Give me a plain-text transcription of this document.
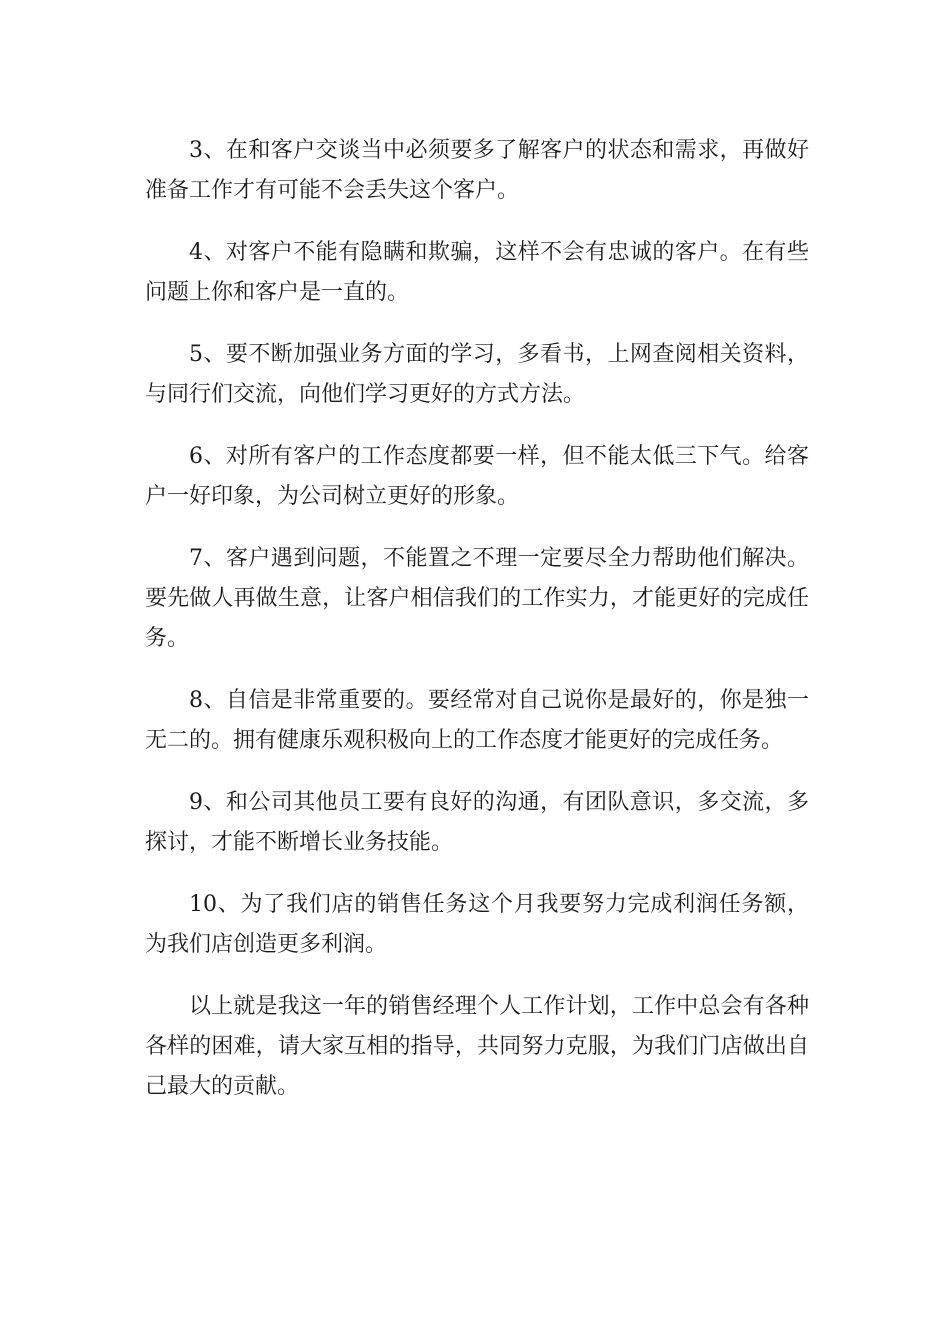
3、在和客户交谈当中必须要多了解客户的状态和需求，再做好准备工作才有可能不会丢失这个客户。

4、对客户不能有隐瞒和欺骗，这样不会有忠诚的客户。在有些问题上你和客户是一直的。

5、要不断加强业务方面的学习，多看书，上网查阅相关资料，与同行们交流，向他们学习更好的方式方法。

6、对所有客户的工作态度都要一样，但不能太低三下气。给客户一好印象，为公司树立更好的形象。

7、客户遇到问题，不能置之不理一定要尽全力帮助他们解决。要先做人再做生意，让客户相信我们的工作实力，才能更好的完成任务。

8、自信是非常重要的。要经常对自己说你是最好的，你是独一无二的。拥有健康乐观积极向上的工作态度才能更好的完成任务。

9、和公司其他员工要有良好的沟通，有团队意识，多交流，多探讨，才能不断增长业务技能。

10、为了我们店的销售任务这个月我要努力完成利润任务额，为我们店创造更多利润。

以上就是我这一年的销售经理个人工作计划，工作中总会有各种各样的困难，请大家互相的指导，共同努力克服，为我们门店做出自己最大的贡献。
